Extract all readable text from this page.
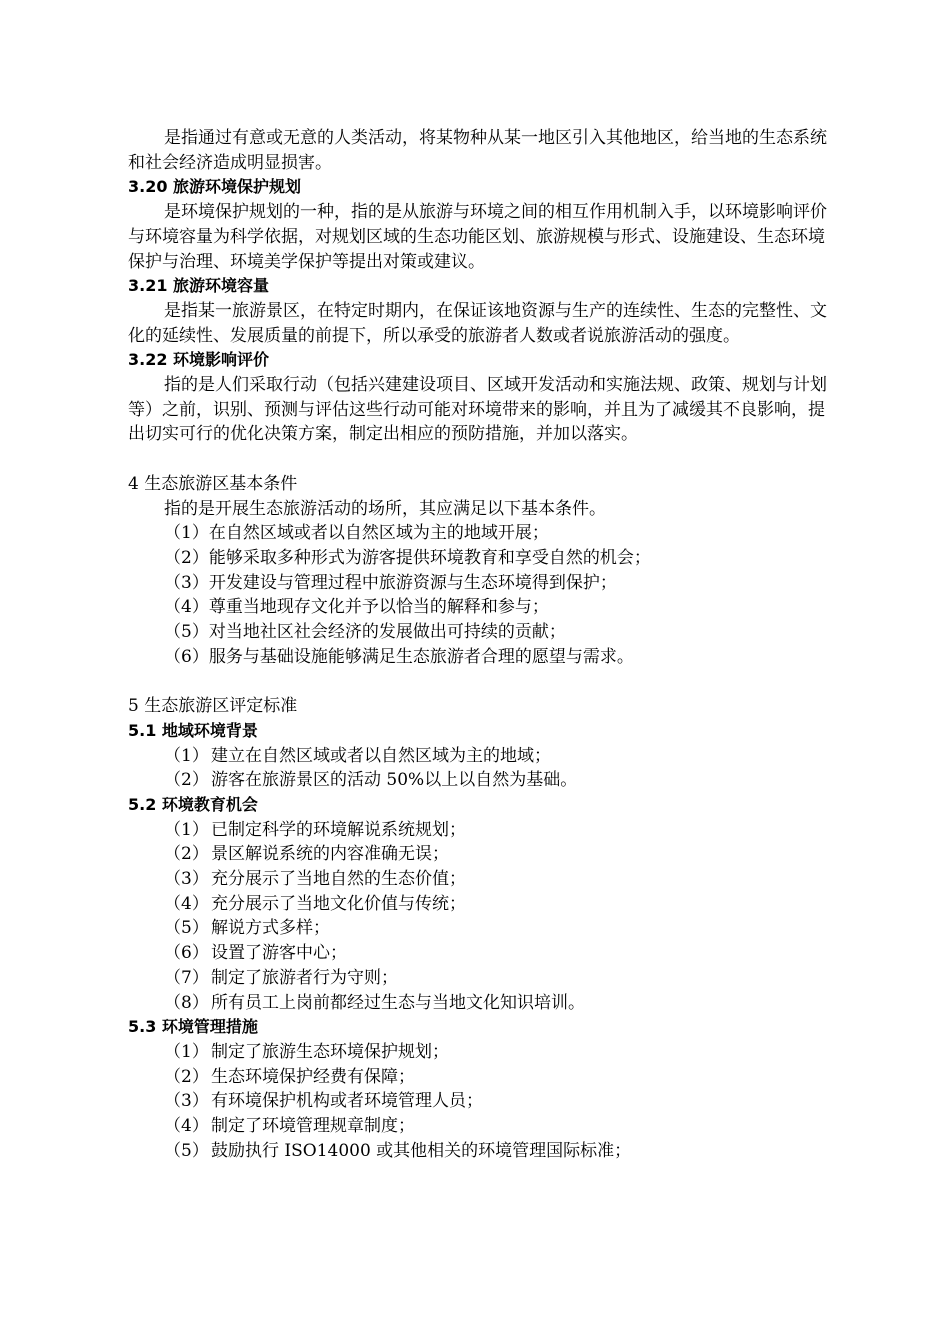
是指通过有意或无意的人类活动，将某物种从某一地区引入其他地区，给当地的生态系统和社会经济造成明显损害。

3.20 旅游环境保护规划

是环境保护规划的一种，指的是从旅游与环境之间的相互作用机制入手，以环境影响评价与环境容量为科学依据，对规划区域的生态功能区划、旅游规模与形式、设施建设、生态环境保护与治理、环境美学保护等提出对策或建议。

3.21 旅游环境容量

是指某一旅游景区，在特定时期内，在保证该地资源与生产的连续性、生态的完整性、文化的延续性、发展质量的前提下，所以承受的旅游者人数或者说旅游活动的强度。

3.22 环境影响评价

指的是人们采取行动（包括兴建建设项目、区域开发活动和实施法规、政策、规划与计划等）之前，识别、预测与评估这些行动可能对环境带来的影响，并且为了减缓其不良影响，提出切实可行的优化决策方案，制定出相应的预防措施，并加以落实。

4 生态旅游区基本条件

指的是开展生态旅游活动的场所，其应满足以下基本条件。

（1）在自然区域或者以自然区域为主的地域开展；

（2）能够采取多种形式为游客提供环境教育和享受自然的机会；

（3）开发建设与管理过程中旅游资源与生态环境得到保护；

（4）尊重当地现存文化并予以恰当的解释和参与；

（5）对当地社区社会经济的发展做出可持续的贡献；

（6）服务与基础设施能够满足生态旅游者合理的愿望与需求。

5 生态旅游区评定标准

5.1 地域环境背景

（1） 建立在自然区域或者以自然区域为主的地域；

（2） 游客在旅游景区的活动 50%以上以自然为基础。

5.2 环境教育机会

（1） 已制定科学的环境解说系统规划；

（2） 景区解说系统的内容准确无误；

（3） 充分展示了当地自然的生态价值；

（4） 充分展示了当地文化价值与传统；

（5） 解说方式多样；

（6） 设置了游客中心；

（7） 制定了旅游者行为守则；

（8） 所有员工上岗前都经过生态与当地文化知识培训。

5.3 环境管理措施

（1） 制定了旅游生态环境保护规划；

（2） 生态环境保护经费有保障；

（3） 有环境保护机构或者环境管理人员；

（4） 制定了环境管理规章制度；

（5） 鼓励执行 ISO14000 或其他相关的环境管理国际标准；
